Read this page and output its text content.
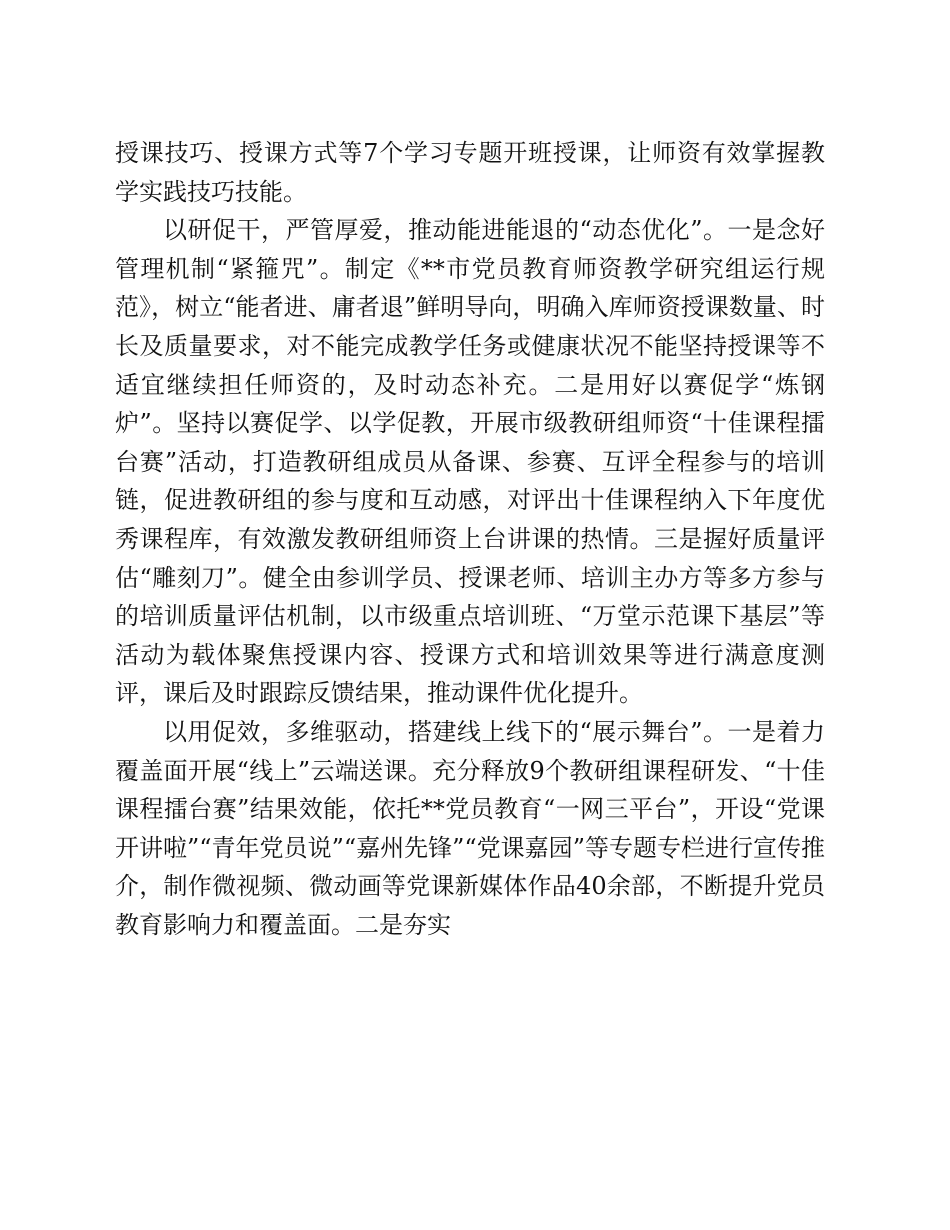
授课技巧、授课方式等7个学习专题开班授课，让师资有效掌握教学实践技巧技能。

以研促干，严管厚爱，推动能进能退的“动态优化”。一是念好管理机制“紧箍咒”。制定《**市党员教育师资教学研究组运行规范》，树立“能者进、庸者退”鲜明导向，明确入库师资授课数量、时长及质量要求，对不能完成教学任务或健康状况不能坚持授课等不适宜继续担任师资的，及时动态补充。二是用好以赛促学“炼钢炉”。坚持以赛促学、以学促教，开展市级教研组师资“十佳课程擂台赛”活动，打造教研组成员从备课、参赛、互评全程参与的培训链，促进教研组的参与度和互动感，对评出十佳课程纳入下年度优秀课程库，有效激发教研组师资上台讲课的热情。三是握好质量评估“雕刻刀”。健全由参训学员、授课老师、培训主办方等多方参与的培训质量评估机制，以市级重点培训班、“万堂示范课下基层”等活动为载体聚焦授课内容、授课方式和培训效果等进行满意度测评，课后及时跟踪反馈结果，推动课件优化提升。

以用促效，多维驱动，搭建线上线下的“展示舞台”。一是着力覆盖面开展“线上”云端送课。充分释放9个教研组课程研发、“十佳课程擂台赛”结果效能，依托**党员教育“一网三平台”，开设“党课开讲啦”“青年党员说”“嘉州先锋”“党课嘉园”等专题专栏进行宣传推介，制作微视频、微动画等党课新媒体作品40余部，不断提升党员教育影响力和覆盖面。二是夯实
